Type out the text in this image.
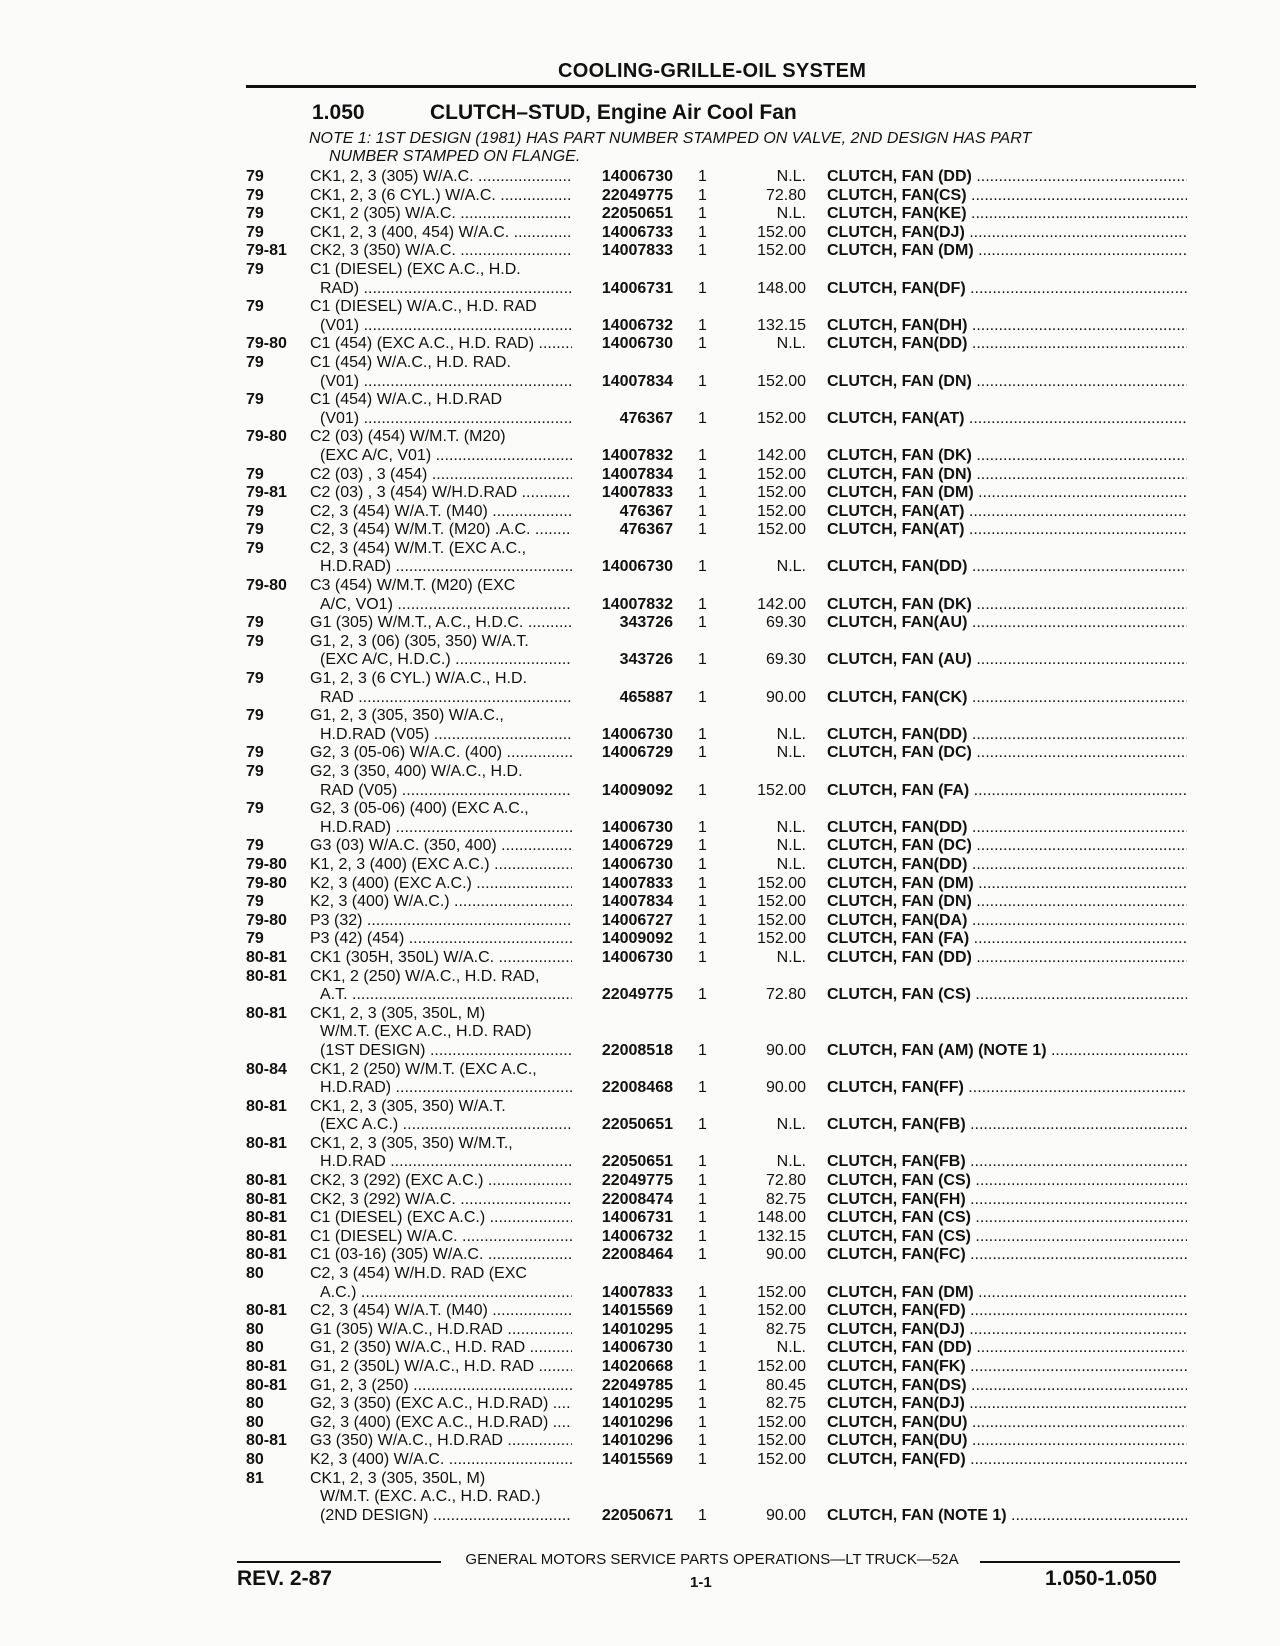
COOLING-GRILLE-OIL SYSTEM
1.050	CLUTCH–STUD, Engine Air Cool Fan
NOTE 1: 1ST DESIGN (1981) HAS PART NUMBER STAMPED ON VALVE, 2ND DESIGN HAS PART
NUMBER STAMPED ON FLANGE.
79	CK1, 2, 3 (305) W/A.C. .....	14006730 1	N.L. CLUTCH, FAN (DD) .....
79	CK1, 2, 3 (6 CYL.) W/A.C. .....	22049775 1	72.80 CLUTCH, FAN(CS) .....
79	CK1, 2 (305) W/A.C. .....	22050651 1	N.L. CLUTCH, FAN(KE) .....
79	CK1, 2, 3 (400, 454) W/A.C. .....	14006733 1	152.00 CLUTCH, FAN(DJ) .....
79-81 CK2, 3 (350) W/A.C. .....	14007833 1	152.00 CLUTCH, FAN (DM) .....
79	C1 (DIESEL) (EXC A.C., H.D.
RAD) .....	14006731 1	148.00 CLUTCH, FAN(DF) .....
79	C1 (DIESEL) W/A.C., H.D. RAD
(V01) .....	14006732 1	132.15 CLUTCH, FAN(DH) .....
79-80 C1 (454) (EXC A.C., H.D. RAD) .....	14006730 1	N.L. CLUTCH, FAN(DD) .....
79	C1 (454) W/A.C., H.D. RAD.
(V01) .....	14007834 1	152.00 CLUTCH, FAN (DN) .....
79	C1 (454) W/A.C., H.D.RAD
(V01) .....	476367 1	152.00 CLUTCH, FAN(AT) .....
79-80 C2 (03) (454) W/M.T. (M20)
(EXC A/C, V01) .....	14007832 1	142.00 CLUTCH, FAN (DK) .....
79	C2 (03) , 3 (454) .....	14007834 1	152.00 CLUTCH, FAN (DN) .....
79-81 C2 (03) , 3 (454) W/H.D.RAD .....	14007833 1	152.00 CLUTCH, FAN (DM) .....
79	C2, 3 (454) W/A.T. (M40) .....	476367 1	152.00 CLUTCH, FAN(AT) .....
79	C2, 3 (454) W/M.T. (M20) .A.C. .....	476367 1	152.00 CLUTCH, FAN(AT) .....
79	C2, 3 (454) W/M.T. (EXC A.C.,
H.D.RAD) .....	14006730 1	N.L. CLUTCH, FAN(DD) .....
79-80 C3 (454) W/M.T. (M20) (EXC
A/C, VO1) .....	14007832 1	142.00 CLUTCH, FAN (DK) .....
79	G1 (305) W/M.T., A.C., H.D.C. .....	343726 1	69.30 CLUTCH, FAN(AU) .....
79	G1, 2, 3 (06) (305, 350) W/A.T.
(EXC A/C, H.D.C.) .....	343726 1	69.30 CLUTCH, FAN (AU) .....
79	G1, 2, 3 (6 CYL.) W/A.C., H.D.
RAD .....	465887 1	90.00 CLUTCH, FAN(CK) .....
79	G1, 2, 3 (305, 350) W/A.C.,
H.D.RAD (V05) .....	14006730 1	N.L. CLUTCH, FAN(DD) .....
79	G2, 3 (05-06) W/A.C. (400) .....	14006729 1	N.L. CLUTCH, FAN (DC) .....
79	G2, 3 (350, 400) W/A.C., H.D.
RAD (V05) .....	14009092 1	152.00 CLUTCH, FAN (FA) .....
79	G2, 3 (05-06) (400) (EXC A.C.,
H.D.RAD) .....	14006730 1	N.L. CLUTCH, FAN(DD) .....
79	G3 (03) W/A.C. (350, 400) .....	14006729 1	N.L. CLUTCH, FAN (DC) .....
79-80 K1, 2, 3 (400) (EXC A.C.) .....	14006730 1	N.L. CLUTCH, FAN(DD) .....
79-80 K2, 3 (400) (EXC A.C.) .....	14007833 1	152.00 CLUTCH, FAN (DM) .....
79	K2, 3 (400) W/A.C.) .....	14007834 1	152.00 CLUTCH, FAN (DN) .....
79-80 P3 (32) .....	14006727 1	152.00 CLUTCH, FAN(DA) .....
79	P3 (42) (454) .....	14009092 1	152.00 CLUTCH, FAN (FA) .....
80-81 CK1 (305H, 350L) W/A.C. .....	14006730 1	N.L. CLUTCH, FAN (DD) .....
80-81 CK1, 2 (250) W/A.C., H.D. RAD,
A.T. .....	22049775 1	72.80 CLUTCH, FAN (CS) .....
80-81 CK1, 2, 3 (305, 350L, M)
W/M.T. (EXC A.C., H.D. RAD)
(1ST DESIGN) .....	22008518 1	90.00 CLUTCH, FAN (AM) (NOTE 1) .....
80-84 CK1, 2 (250) W/M.T. (EXC A.C.,
H.D.RAD) .....	22008468 1	90.00 CLUTCH, FAN(FF) .....
80-81 CK1, 2, 3 (305, 350) W/A.T.
(EXC A.C.) .....	22050651 1	N.L. CLUTCH, FAN(FB) .....
80-81 CK1, 2, 3 (305, 350) W/M.T.,
H.D.RAD .....	22050651 1	N.L. CLUTCH, FAN(FB) .....
80-81 CK2, 3 (292) (EXC A.C.) .....	22049775 1	72.80 CLUTCH, FAN (CS) .....
80-81 CK2, 3 (292) W/A.C. .....	22008474 1	82.75 CLUTCH, FAN(FH) .....
80-81 C1 (DIESEL) (EXC A.C.) .....	14006731 1	148.00 CLUTCH, FAN (CS) .....
80-81 C1 (DIESEL) W/A.C. .....	14006732 1	132.15 CLUTCH, FAN (CS) .....
80-81 C1 (03-16) (305) W/A.C. .....	22008464 1	90.00 CLUTCH, FAN(FC) .....
80	C2, 3 (454) W/H.D. RAD (EXC
A.C.) .....	14007833 1	152.00 CLUTCH, FAN (DM) .....
80-81 C2, 3 (454) W/A.T. (M40) .....	14015569 1	152.00 CLUTCH, FAN(FD) .....
80	G1 (305) W/A.C., H.D.RAD .....	14010295 1	82.75 CLUTCH, FAN(DJ) .....
80	G1, 2 (350) W/A.C., H.D. RAD .....	14006730 1	N.L. CLUTCH, FAN (DD) .....
80-81 G1, 2 (350L) W/A.C., H.D. RAD .....	14020668 1	152.00 CLUTCH, FAN(FK) .....
80-81 G1, 2, 3 (250) .....	22049785 1	80.45 CLUTCH, FAN(DS) .....
80	G2, 3 (350) (EXC A.C., H.D.RAD) .....	14010295 1	82.75 CLUTCH, FAN(DJ) .....
80	G2, 3 (400) (EXC A.C., H.D.RAD) .....	14010296 1	152.00 CLUTCH, FAN(DU) .....
80-81 G3 (350) W/A.C., H.D.RAD .....	14010296 1	152.00 CLUTCH, FAN(DU) .....
80	K2, 3 (400) W/A.C. .....	14015569 1	152.00 CLUTCH, FAN(FD) .....
81	CK1, 2, 3 (305, 350L, M)
W/M.T. (EXC. A.C., H.D. RAD.)
(2ND DESIGN) .....	22050671 1	90.00 CLUTCH, FAN (NOTE 1) .....
GENERAL MOTORS SERVICE PARTS OPERATIONS—LT TRUCK—52A
REV. 2-87	1-1	1.050-1.050
